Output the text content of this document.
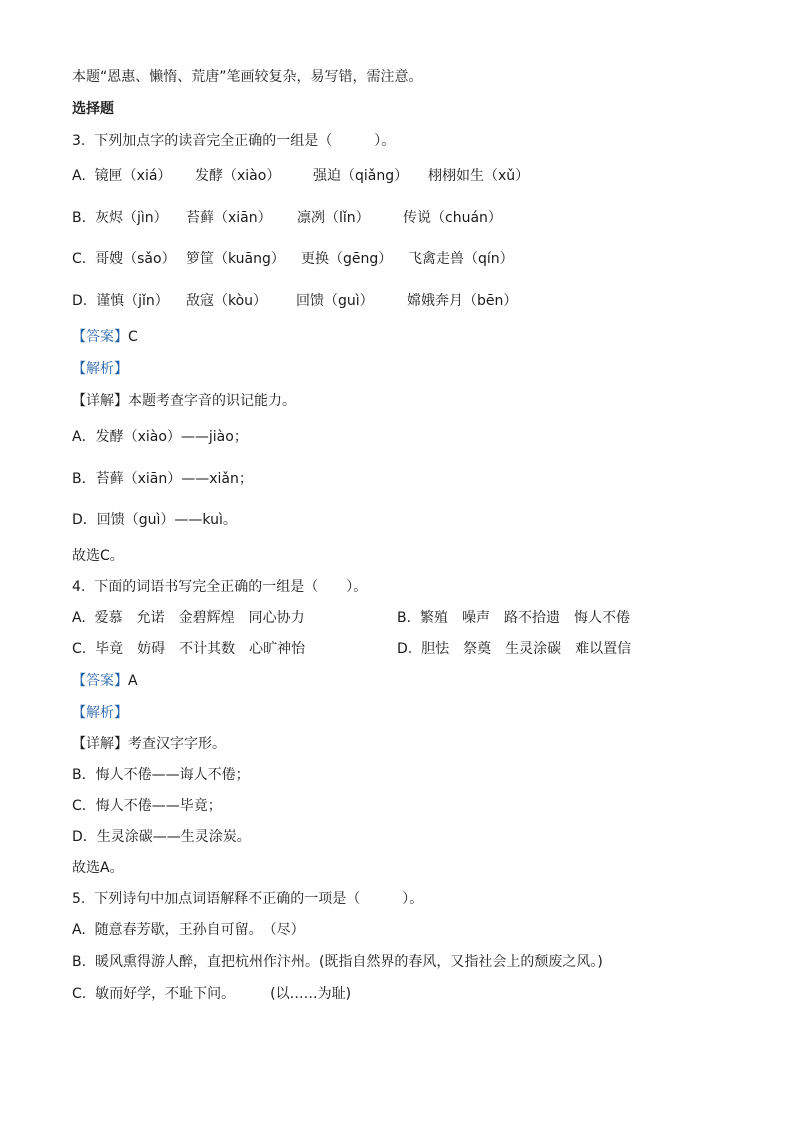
本题“恩惠、懒惰、荒唐”笔画较复杂，易写错，需注意。
选择题
3.  下列加点字的读音完全正确的一组是（　　　）。
A.  镜匣（xiá） 发酵（xiào） 强迫（qiǎng） 栩栩如生（xǔ）
B.  灰烬（jìn） 苔藓（xiān） 凛冽（lǐn） 传说（chuán）
C.  哥嫂（sǎo） 箩筐（kuāng） 更换（gēng） 飞禽走兽（qín）
D.  谨慎（jǐn） 敌寇（kòu） 回馈（guì） 嫦娥奔月（bēn）
【答案】C
【解析】
【详解】本题考查字音的识记能力。
A．发酵（xiào）——jiào；
B．苔藓（xiān）——xiǎn；
D．回馈（guì）——kuì。
故选C。
4.  下面的词语书写完全正确的一组是（　　）。
A.  爱慕　允诺　金碧辉煌　同心协力	B.  繁殖　噪声　路不拾遗　悔人不倦
C.  毕竟　妨碍　不计其数　心旷神怡	D.  胆怯　祭奠　生灵涂碳　难以置信
【答案】A
【解析】
【详解】考查汉字字形。
B．悔人不倦——诲人不倦；
C．悔人不倦——毕竟；
D．生灵涂碳——生灵涂炭。
故选A。
5.  下列诗句中加点词语解释不正确的一项是（　　　）。
A.  随意春芳歇，王孙自可留。　（尽）
B.  暖风熏得游人醉，直把杭州作汴州。(既指自然界的春风，又指社会上的颓废之风。)
C.  敏而好学，不耻下问。　　　(以……为耻)
